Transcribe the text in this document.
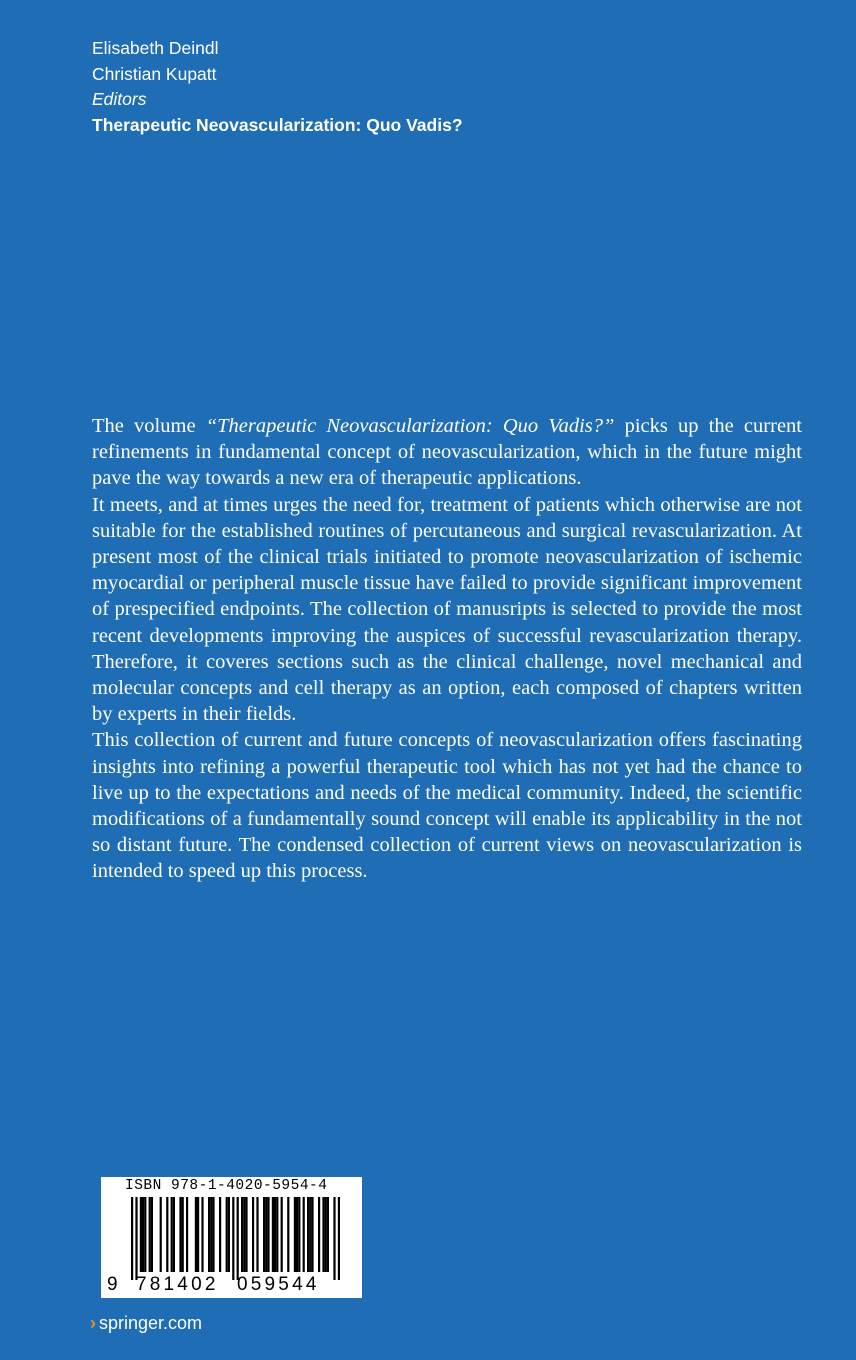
Elisabeth Deindl
Christian Kupatt
Editors
Therapeutic Neovascularization: Quo Vadis?

The volume “Therapeutic Neovascularization: Quo Vadis?” picks up the current refinements in fundamental concept of neovascularization, which in the future might pave the way towards a new era of therapeutic applications.

It meets, and at times urges the need for, treatment of patients which otherwise are not suitable for the established routines of percutaneous and surgical revascularization. At present most of the clinical trials initiated to promote neovascularization of ischemic myocardial or peripheral muscle tissue have failed to provide significant improvement of prespecified endpoints. The collection of manusripts is selected to provide the most recent developments improving the auspices of successful revascularization therapy. Therefore, it coveres sections such as the clinical challenge, novel mechanical and molecular concepts and cell therapy as an option, each composed of chapters written by experts in their fields.

This collection of current and future concepts of neovascularization offers fascinating insights into refining a powerful therapeutic tool which has not yet had the chance to live up to the expectations and needs of the medical community. Indeed, the scientific modifications of a fundamentally sound concept will enable its applicability in the not so distant future. The condensed collection of current views on neovascularization is intended to speed up this process.

ISBN 978-1-4020-5954-4
9 781402 059544
› springer.com
